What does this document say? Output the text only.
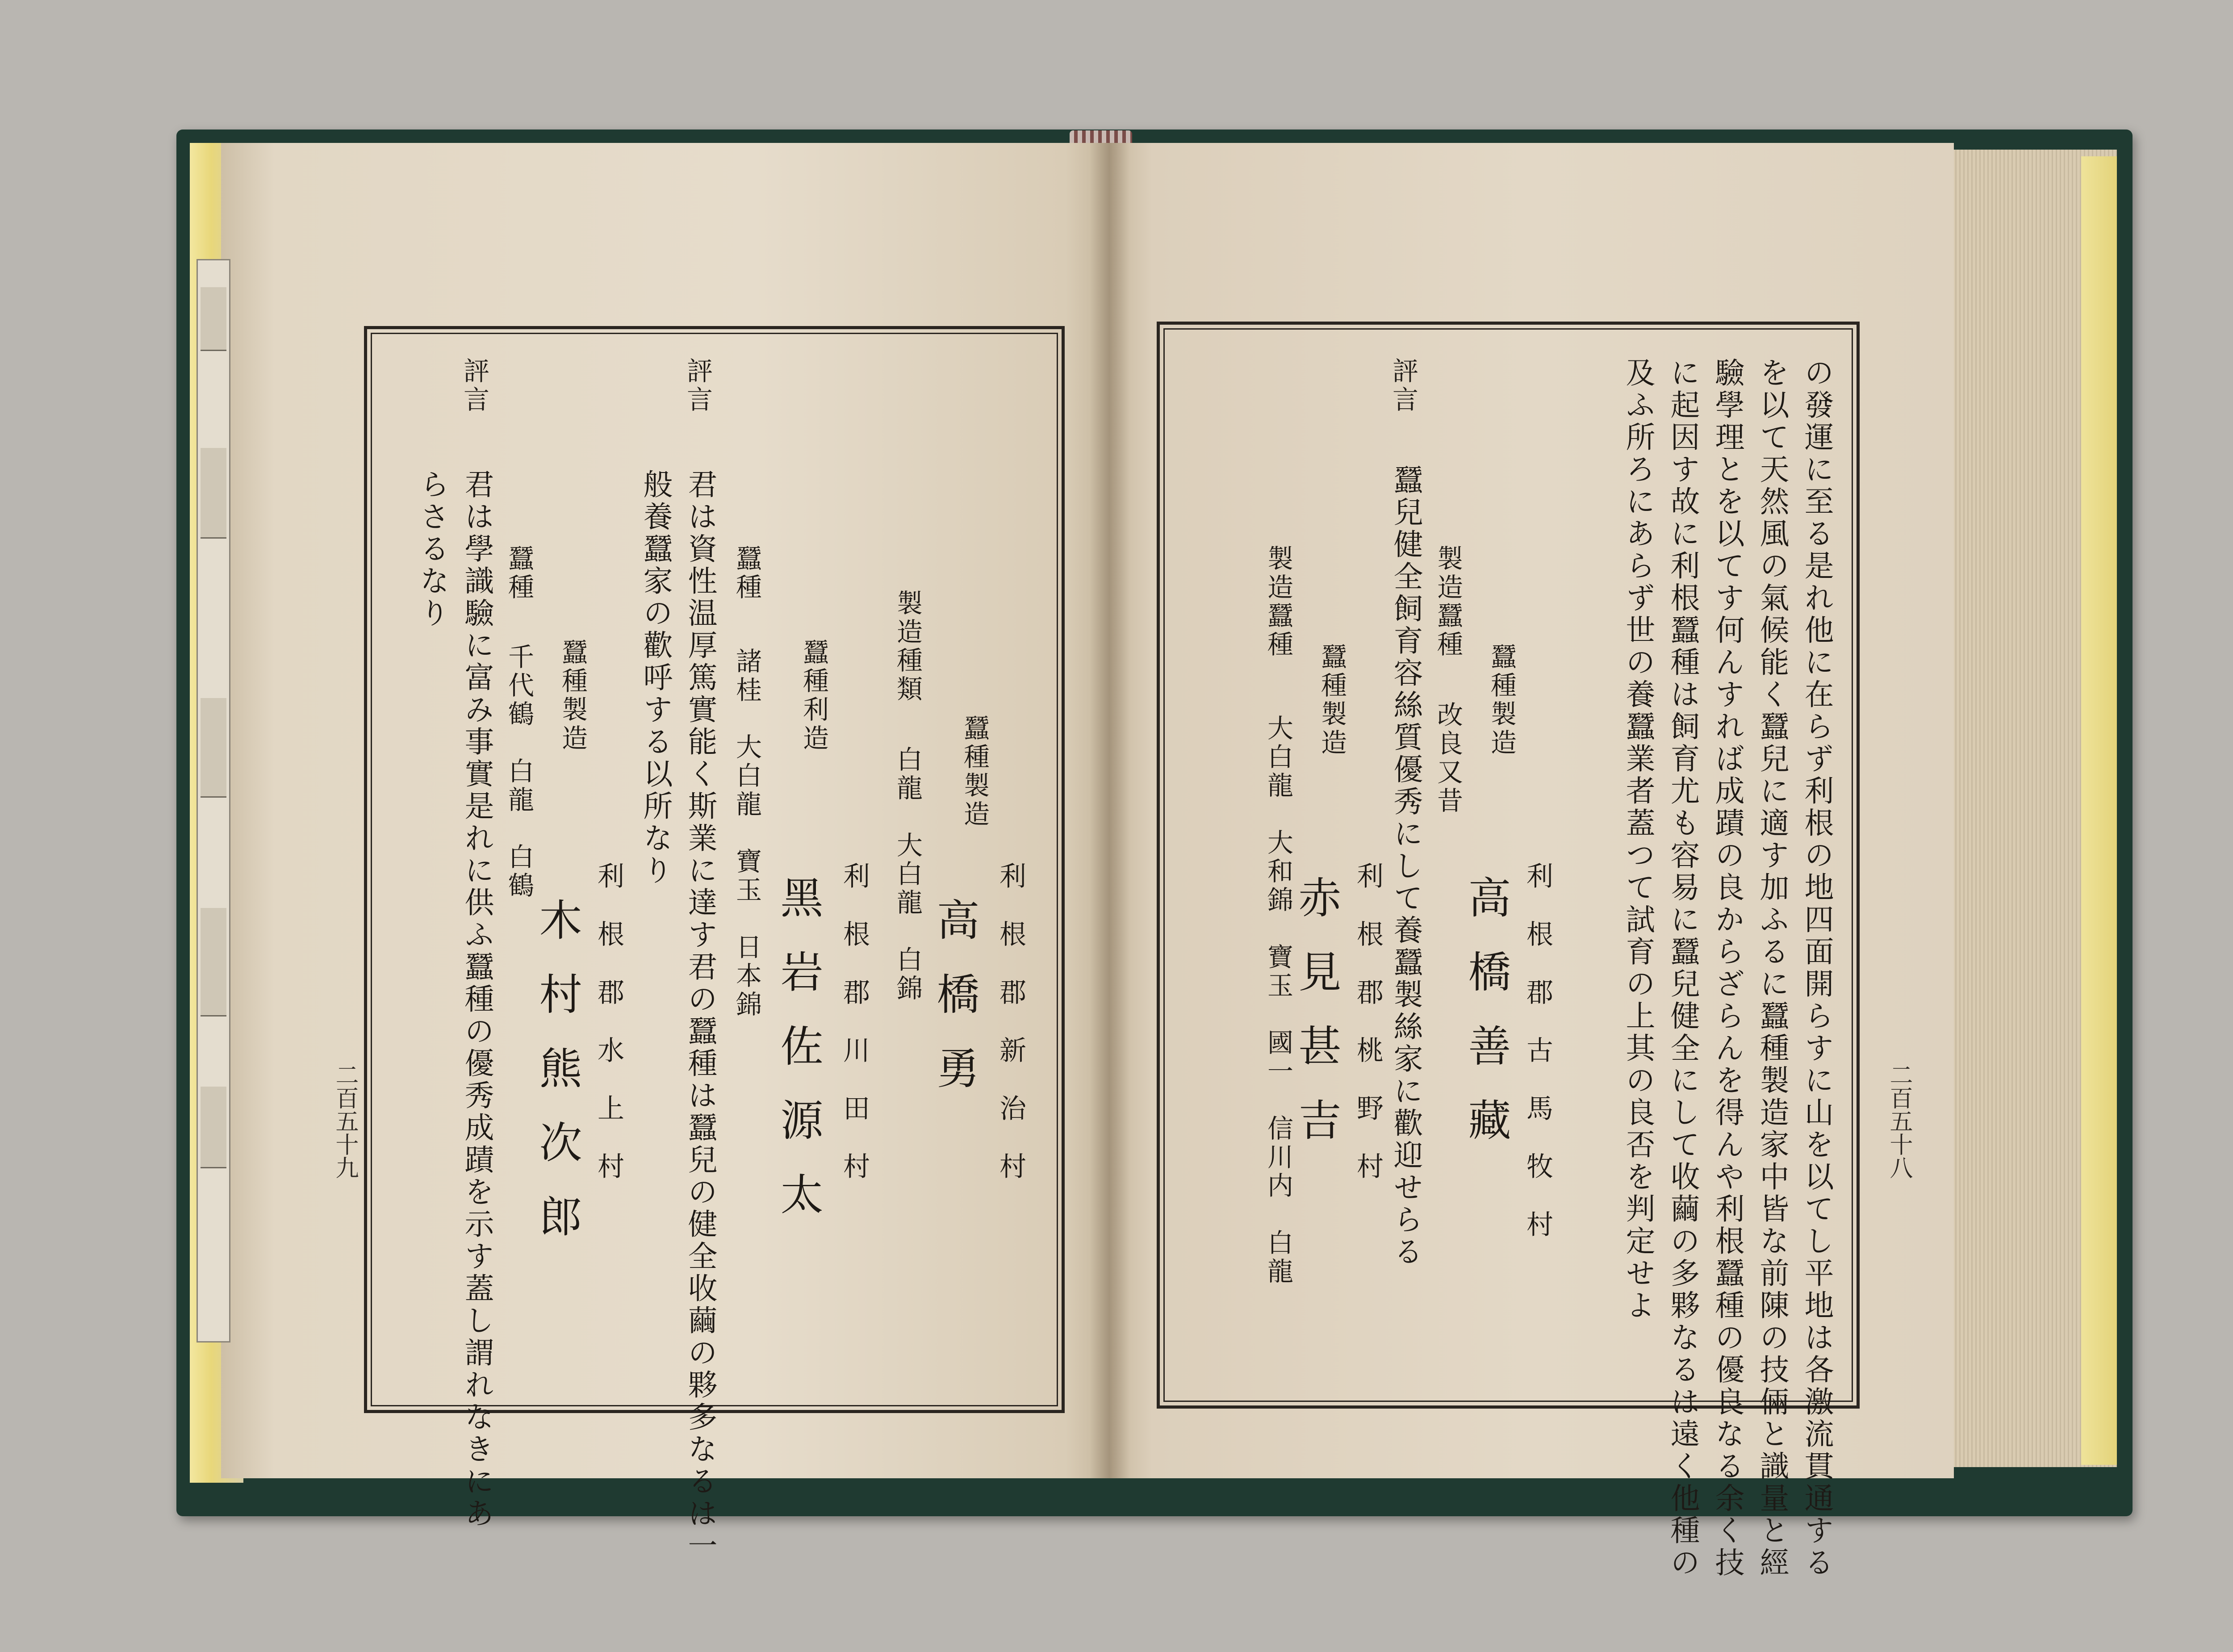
利根郡新治村
蠶種製造
高橋勇
製造種類
白龍　大白龍　白錦
利根郡川田村
蠶種利造
黑岩佐源太
蠶種
諸桂　大白龍　寶玉　日本錦
評言
君は資性温厚篤實能く斯業に達す君の蠶種は蠶兒の健全收繭の夥多なるは一
般養蠶家の歡呼する以所なり
利根郡水上村
蠶種製造
木村熊次郎
蠶種
千代鶴　白龍　白鶴
評言
君は學識驗に富み事實是れに供ふ蠶種の優秀成蹟を示す蓋し謂れなきにあ
らさるなり
二百五十九	の發運に至る是れ他に在らず利根の地四面開らすに山を以てし平地は各激流貫通する
を以て天然風の氣候能く蠶兒に適す加ふるに蠶種製造家中皆な前陳の技倆と識量と經
驗學理とを以てす何んすれば成蹟の良からざらんを得んや利根蠶種の優良なる余く技
に起因す故に利根蠶種は飼育尤も容易に蠶兒健全にして收繭の多夥なるは遠く他種の
及ふ所ろにあらず世の養蠶業者蓋つて試育の上其の良否を判定せよ
利根郡古馬牧村
蠶種製造
高橋善藏
製造蠶種
改良又昔
評言
蠶兒健全飼育容絲質優秀にして養蠶製絲家に歡迎せらる
利根郡桃野村
蠶種製造
赤見甚吉
製造蠶種
大白龍　大和錦　寶玉　國一　信川内　白龍	二百五十八
